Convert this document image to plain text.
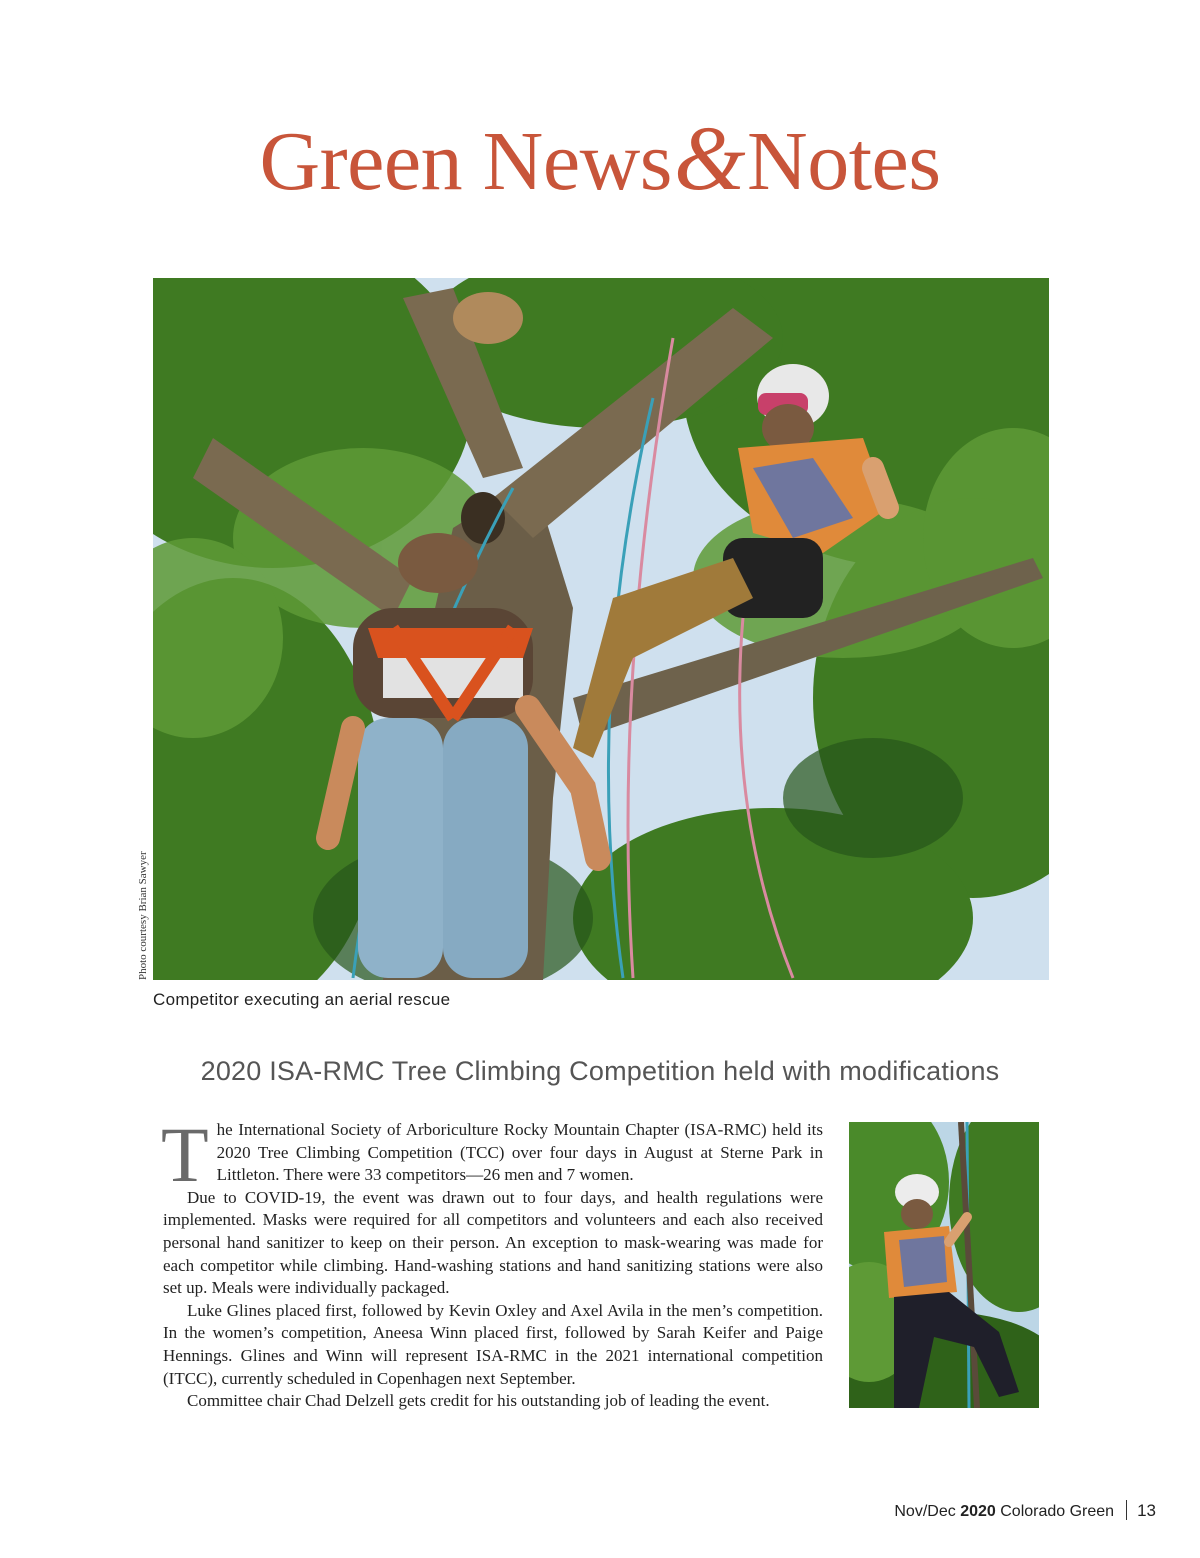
Green News&Notes
Photo courtesy Brian Sawyer
Competitor executing an aerial rescue
2020 ISA-RMC Tree Climbing Competition held with modifications

The International Society of Arboriculture Rocky Mountain Chapter (ISA-RMC) held its 2020 Tree Climbing Competition (TCC) over four days in August at Sterne Park in Littleton. There were 33 competitors—26 men and 7 women.

Due to COVID-19, the event was drawn out to four days, and health regulations were implemented. Masks were required for all competitors and volunteers and each also received personal hand sanitizer to keep on their person. An exception to mask-wearing was made for each competitor while climbing. Hand-washing stations and hand sanitizing stations were also set up. Meals were individually packaged.

Luke Glines placed first, followed by Kevin Oxley and Axel Avila in the men’s competition. In the women’s competition, Aneesa Winn placed first, followed by Sarah Keifer and Paige Hennings. Glines and Winn will represent ISA-RMC in the 2021 international competition (ITCC), currently scheduled in Copenhagen next September.

Committee chair Chad Delzell gets credit for his outstanding job of leading the event.

Nov/Dec 2020 Colorado Green 13
